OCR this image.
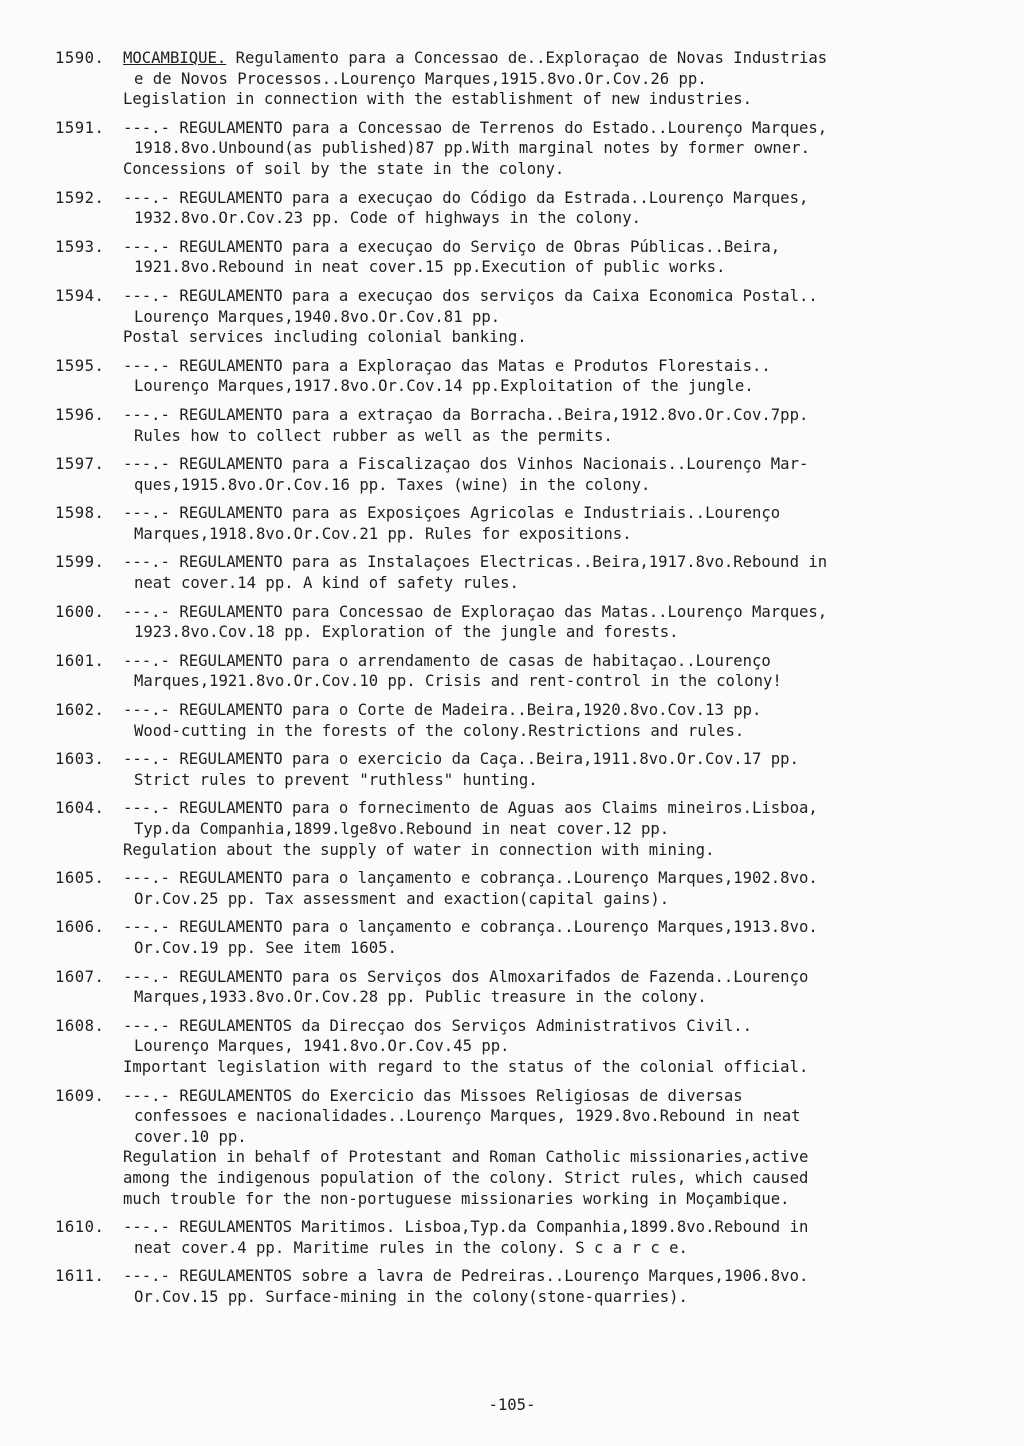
1590.	MOCAMBIQUE. Regulamento para a Concessao de..Exploraçao de Novas Industrias
e de Novos Processos..Lourenço Marques,1915.8vo.Or.Cov.26 pp.
Legislation in connection with the establishment of new industries.
1591.	---.- REGULAMENTO para a Concessao de Terrenos do Estado..Lourenço Marques,
1918.8vo.Unbound(as published)87 pp.With marginal notes by former owner.
Concessions of soil by the state in the colony.
1592.	---.- REGULAMENTO para a execuçao do Código da Estrada..Lourenço Marques,
1932.8vo.Or.Cov.23 pp. Code of highways in the colony.
1593.	---.- REGULAMENTO para a execuçao do Serviço de Obras Públicas..Beira,
1921.8vo.Rebound in neat cover.15 pp.Execution of public works.
1594.	---.- REGULAMENTO para a execuçao dos serviços da Caixa Economica Postal..
Lourenço Marques,1940.8vo.Or.Cov.81 pp.
Postal services including colonial banking.
1595.	---.- REGULAMENTO para a Exploraçao das Matas e Produtos Florestais..
Lourenço Marques,1917.8vo.Or.Cov.14 pp.Exploitation of the jungle.
1596.	---.- REGULAMENTO para a extraçao da Borracha..Beira,1912.8vo.Or.Cov.7pp.
Rules how to collect rubber as well as the permits.
1597.	---.- REGULAMENTO para a Fiscalizaçao dos Vinhos Nacionais..Lourenço Mar-
ques,1915.8vo.Or.Cov.16 pp. Taxes (wine) in the colony.
1598.	---.- REGULAMENTO para as Exposiçoes Agricolas e Industriais..Lourenço
Marques,1918.8vo.Or.Cov.21 pp. Rules for expositions.
1599.	---.- REGULAMENTO para as Instalaçoes Electricas..Beira,1917.8vo.Rebound in
neat cover.14 pp. A kind of safety rules.
1600.	---.- REGULAMENTO para Concessao de Exploraçao das Matas..Lourenço Marques,
1923.8vo.Cov.18 pp. Exploration of the jungle and forests.
1601.	---.- REGULAMENTO para o arrendamento de casas de habitaçao..Lourenço
Marques,1921.8vo.Or.Cov.10 pp. Crisis and rent-control in the colony!
1602.	---.- REGULAMENTO para o Corte de Madeira..Beira,1920.8vo.Cov.13 pp.
Wood-cutting in the forests of the colony.Restrictions and rules.
1603.	---.- REGULAMENTO para o exercicio da Caça..Beira,1911.8vo.Or.Cov.17 pp.
Strict rules to prevent "ruthless" hunting.
1604.	---.- REGULAMENTO para o fornecimento de Aguas aos Claims mineiros.Lisboa,
Typ.da Companhia,1899.lge8vo.Rebound in neat cover.12 pp.
Regulation about the supply of water in connection with mining.
1605.	---.- REGULAMENTO para o lançamento e cobrança..Lourenço Marques,1902.8vo.
Or.Cov.25 pp. Tax assessment and exaction(capital gains).
1606.	---.- REGULAMENTO para o lançamento e cobrança..Lourenço Marques,1913.8vo.
Or.Cov.19 pp. See item 1605.
1607.	---.- REGULAMENTO para os Serviços dos Almoxarifados de Fazenda..Lourenço
Marques,1933.8vo.Or.Cov.28 pp. Public treasure in the colony.
1608.	---.- REGULAMENTOS da Direcçao dos Serviços Administrativos Civil..
Lourenço Marques, 1941.8vo.Or.Cov.45 pp.
Important legislation with regard to the status of the colonial official.
1609.	---.- REGULAMENTOS do Exercicio das Missoes Religiosas de diversas
confessoes e nacionalidades..Lourenço Marques, 1929.8vo.Rebound in neat
cover.10 pp.
Regulation in behalf of Protestant and Roman Catholic missionaries,active
among the indigenous population of the colony. Strict rules, which caused
much trouble for the non-portuguese missionaries working in Moçambique.
1610.	---.- REGULAMENTOS Maritimos. Lisboa,Typ.da Companhia,1899.8vo.Rebound in
neat cover.4 pp. Maritime rules in the colony. S c a r c e.
1611.	---.- REGULAMENTOS sobre a lavra de Pedreiras..Lourenço Marques,1906.8vo.
Or.Cov.15 pp. Surface-mining in the colony(stone-quarries).
-105-
